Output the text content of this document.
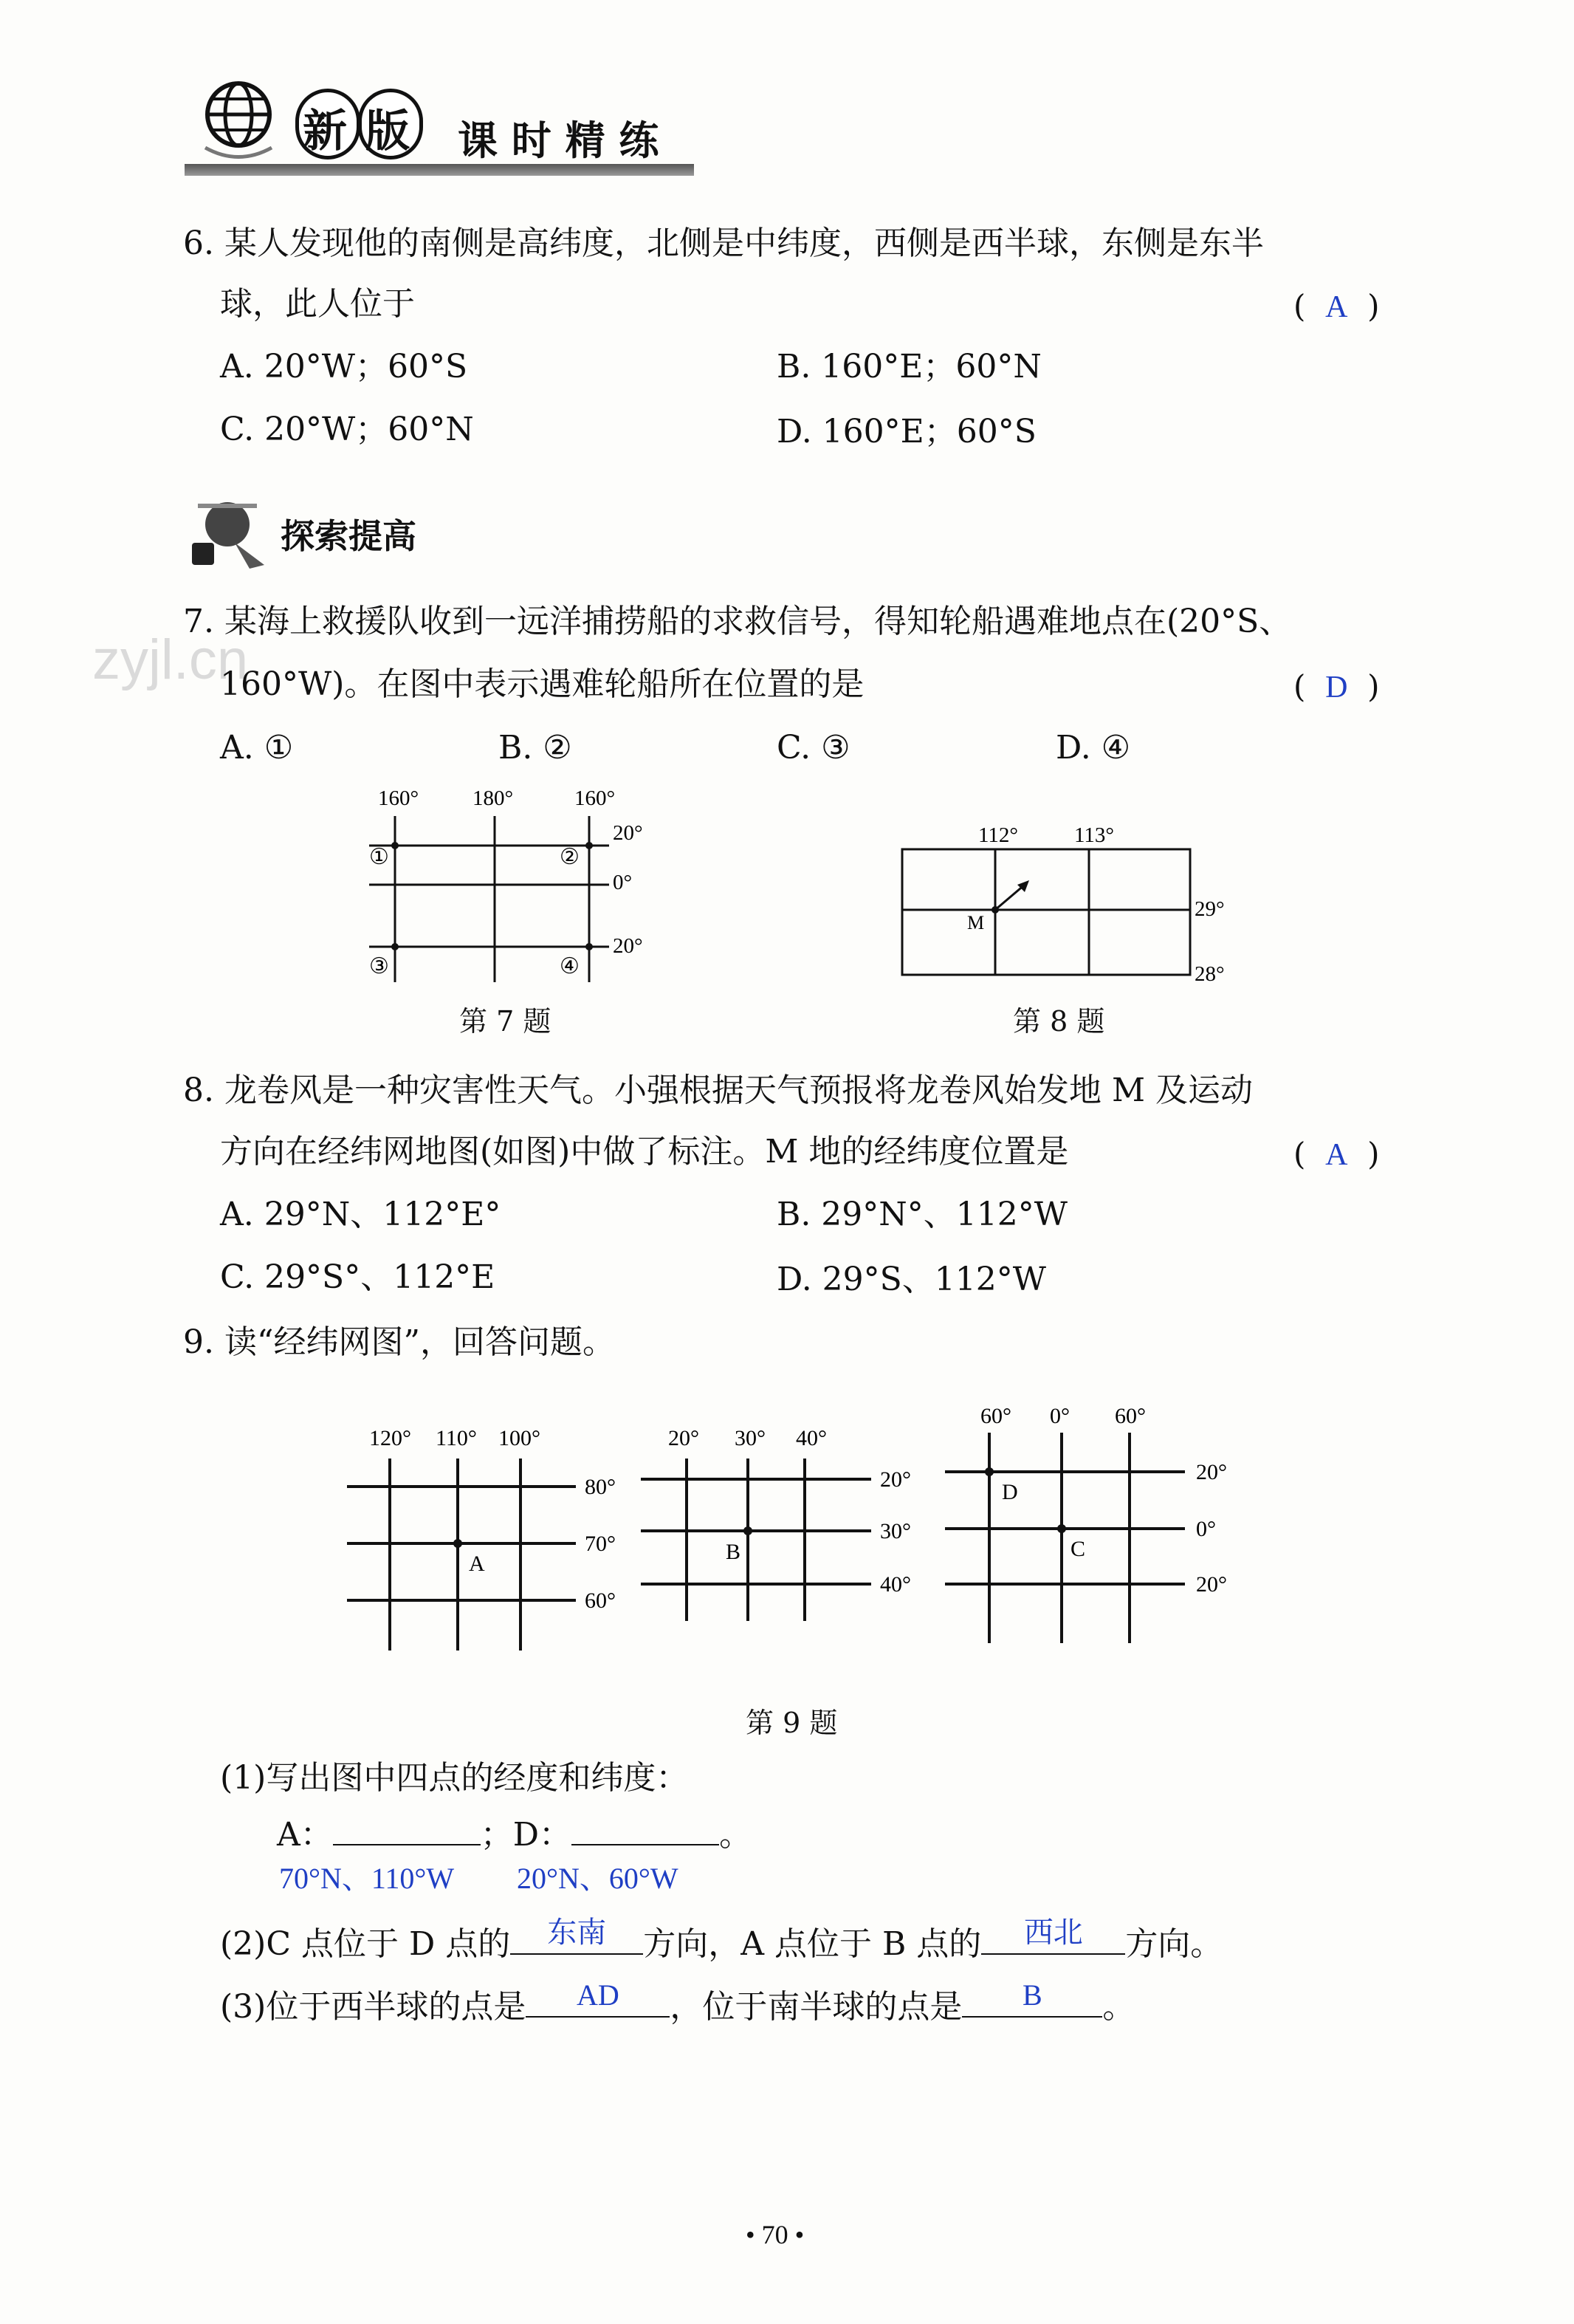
新 版 课 时 精 练
6. 某人发现他的南侧是高纬度，北侧是中纬度，西侧是西半球，东侧是东半
球，此人位于	(  A  )
A. 20°W；60°S	B. 160°E；60°N
C. 20°W；60°N	D. 160°E；60°S
探索提高
zyjl.cn
7. 某海上救援队收到一远洋捕捞船的求救信号，得知轮船遇难地点在(20°S、
160°W)。在图中表示遇难轮船所在位置的是	(  D  )
A. ①	B. ②	C. ③	D. ④
160°	180°	160°
20°
0°
20°
①	②
③	④
第 7 题
112°	113°
29°
28°
M
第 8 题
8. 龙卷风是一种灾害性天气。小强根据天气预报将龙卷风始发地 M 及运动
方向在经纬网地图(如图)中做了标注。M 地的经纬度位置是	(  A  )
A. 29°N、112°E°	B. 29°N°、112°W
C. 29°S°、112°E	D. 29°S、112°W
9. 读“经纬网图”，回答问题。
120° 110° 100°
80°
70°
60°
A
20° 30° 40°
20°
30°
40°
B
60° 0° 60°
20°
0°
20°
D
C
第 9 题
(1)写出图中四点的经度和纬度：
A：	；D：	。
70°N、110°W 20°N、60°W
(2)C 点位于 D 点的	东南	方向，A 点位于 B 点的	西北	方向。
(3)位于西半球的点是	AD	，位于南半球的点是	B	。
• 70 •
